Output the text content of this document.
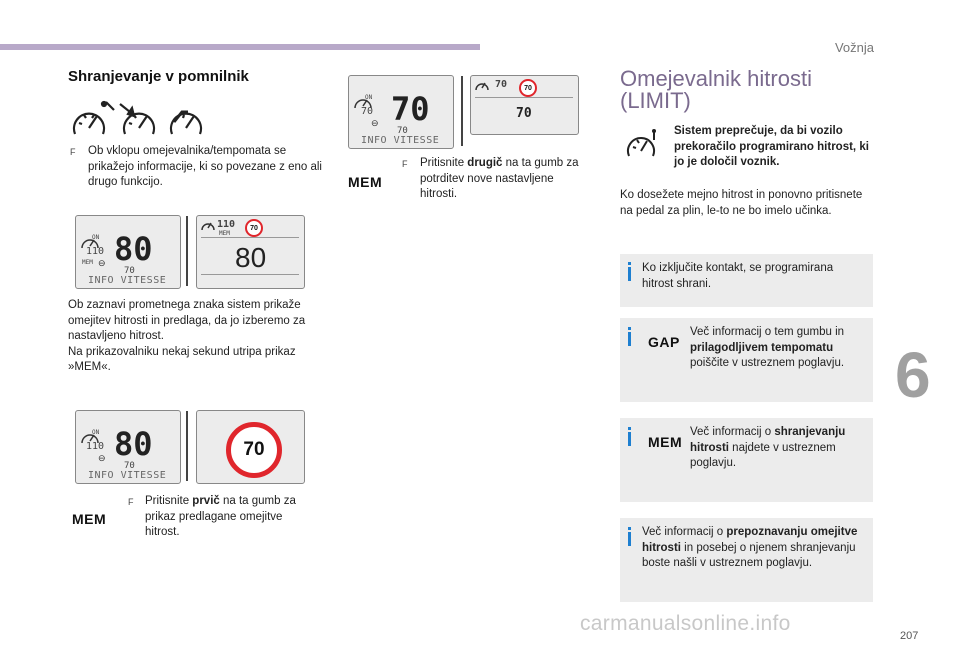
Vožnja
6
207
carmanualsonline.info
Shranjevanje v pomnilnik
F Ob vklopu omejevalnika/tempomata se prikažejo informacije, ki so povezane z eno ali drugo funkcijo.
ON
110
MEM ⊖ 80
70
INFO VITESSE
110
MEM
70
80
Ob zaznavi prometnega znaka sistem prikaže omejitev hitrosti in predlaga, da jo izberemo za nastavljeno hitrost.
Na prikazovalniku nekaj sekund utripa prikaz »MEM«.
ON
110
⊖ 80
70
INFO VITESSE
70
MEM
F Pritisnite prvič na ta gumb za prikaz predlagane omejitve hitrost.
ON
70
⊖ 70
70
INFO VITESSE
70	70
70
MEM
F Pritisnite drugič na ta gumb za potrditev nove nastavljene hitrosti.
Omejevalnik hitrosti
(LIMIT)
Sistem preprečuje, da bi vozilo prekoračilo programirano hitrost, ki jo je določil voznik.
Ko dosežete mejno hitrost in ponovno pritisnete na pedal za plin, le-to ne bo imelo učinka.
Ko izključite kontakt, se programirana hitrost shrani.
GAP
Več informacij o tem gumbu in prilagodljivem tempomatu poiščite v ustreznem poglavju.
MEM
Več informacij o shranjevanju hitrosti najdete v ustreznem poglavju.
Več informacij o prepoznavanju omejitve hitrosti in posebej o njenem shranjevanju boste našli v ustreznem poglavju.
